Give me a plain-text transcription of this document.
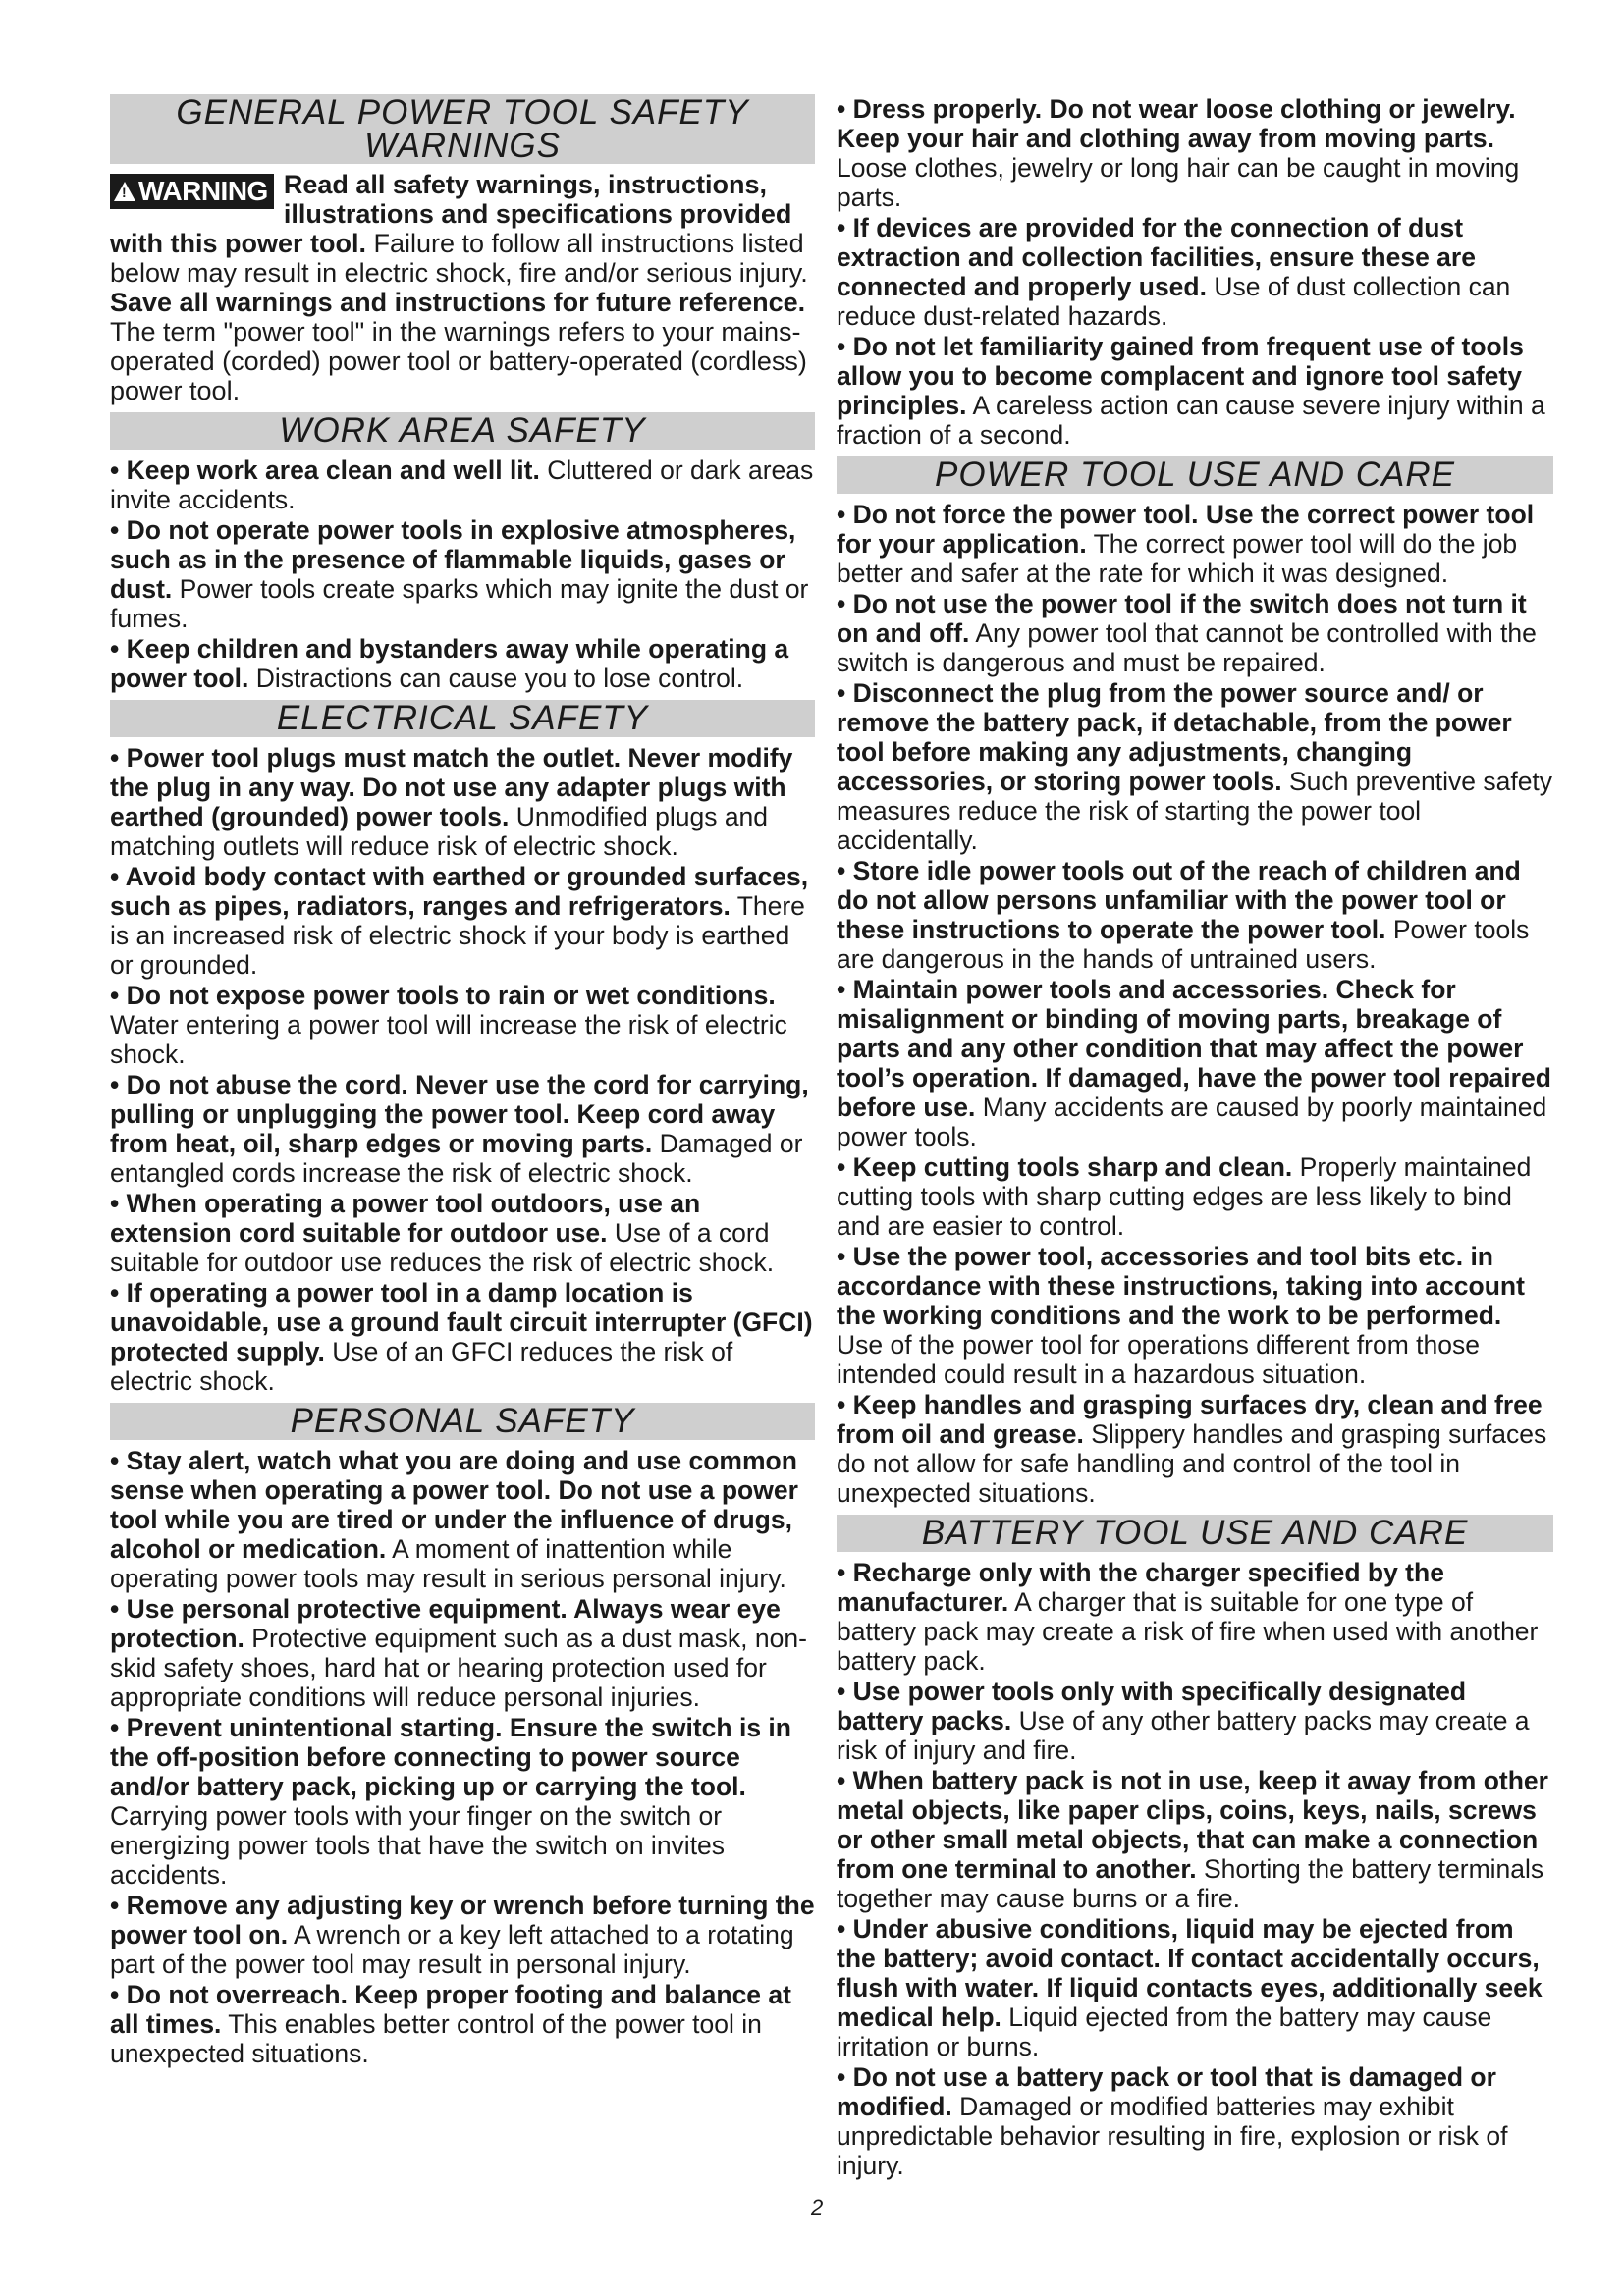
GENERAL POWER TOOL SAFETY WARNINGS

! WARNING Read all safety warnings, instructions, illustrations and specifications provided with this power tool. Failure to follow all instructions listed below may result in electric shock, fire and/or serious injury. Save all warnings and instructions for future reference. The term "power tool" in the warnings refers to your mains-operated (corded) power tool or battery-operated (cordless) power tool.

WORK AREA SAFETY
• Keep work area clean and well lit. Cluttered or dark areas invite accidents.
• Do not operate power tools in explosive atmospheres, such as in the presence of flammable liquids, gases or dust. Power tools create sparks which may ignite the dust or fumes.
• Keep children and bystanders away while operating a power tool. Distractions can cause you to lose control.
ELECTRICAL SAFETY
• Power tool plugs must match the outlet. Never modify the plug in any way. Do not use any adapter plugs with earthed (grounded) power tools. Unmodified plugs and matching outlets will reduce risk of electric shock.
• Avoid body contact with earthed or grounded surfaces, such as pipes, radiators, ranges and refrigerators. There is an increased risk of electric shock if your body is earthed or grounded.
• Do not expose power tools to rain or wet conditions. Water entering a power tool will increase the risk of electric shock.
• Do not abuse the cord. Never use the cord for carrying, pulling or unplugging the power tool. Keep cord away from heat, oil, sharp edges or moving parts. Damaged or entangled cords increase the risk of electric shock.
• When operating a power tool outdoors, use an extension cord suitable for outdoor use. Use of a cord suitable for outdoor use reduces the risk of electric shock.
• If operating a power tool in a damp location is unavoidable, use a ground fault circuit interrupter (GFCI) protected supply. Use of an GFCI reduces the risk of electric shock.
PERSONAL SAFETY
• Stay alert, watch what you are doing and use common sense when operating a power tool. Do not use a power tool while you are tired or under the influence of drugs, alcohol or medication. A moment of inattention while operating power tools may result in serious personal injury.
• Use personal protective equipment. Always wear eye protection. Protective equipment such as a dust mask, non-skid safety shoes, hard hat or hearing protection used for appropriate conditions will reduce personal injuries.
• Prevent unintentional starting. Ensure the switch is in the off-position before connecting to power source and/or battery pack, picking up or carrying the tool. Carrying power tools with your finger on the switch or energizing power tools that have the switch on invites accidents.
• Remove any adjusting key or wrench before turning the power tool on. A wrench or a key left attached to a rotating part of the power tool may result in personal injury.
• Do not overreach. Keep proper footing and balance at all times. This enables better control of the power tool in unexpected situations.
• Dress properly. Do not wear loose clothing or jewelry. Keep your hair and clothing away from moving parts. Loose clothes, jewelry or long hair can be caught in moving parts.
• If devices are provided for the connection of dust extraction and collection facilities, ensure these are connected and properly used. Use of dust collection can reduce dust-related hazards.
• Do not let familiarity gained from frequent use of tools allow you to become complacent and ignore tool safety principles. A careless action can cause severe injury within a fraction of a second.
POWER TOOL USE AND CARE
• Do not force the power tool. Use the correct power tool for your application. The correct power tool will do the job better and safer at the rate for which it was designed.
• Do not use the power tool if the switch does not turn it on and off. Any power tool that cannot be controlled with the switch is dangerous and must be repaired.
• Disconnect the plug from the power source and/ or remove the battery pack, if detachable, from the power tool before making any adjustments, changing accessories, or storing power tools. Such preventive safety measures reduce the risk of starting the power tool accidentally.
• Store idle power tools out of the reach of children and do not allow persons unfamiliar with the power tool or these instructions to operate the power tool. Power tools are dangerous in the hands of untrained users.
• Maintain power tools and accessories. Check for misalignment or binding of moving parts, breakage of parts and any other condition that may affect the power tool’s operation. If damaged, have the power tool repaired before use. Many accidents are caused by poorly maintained power tools.
• Keep cutting tools sharp and clean. Properly maintained cutting tools with sharp cutting edges are less likely to bind and are easier to control.
• Use the power tool, accessories and tool bits etc. in accordance with these instructions, taking into account the working conditions and the work to be performed. Use of the power tool for operations different from those intended could result in a hazardous situation.
• Keep handles and grasping surfaces dry, clean and free from oil and grease. Slippery handles and grasping surfaces do not allow for safe handling and control of the tool in unexpected situations.
BATTERY TOOL USE AND CARE
• Recharge only with the charger specified by the manufacturer. A charger that is suitable for one type of battery pack may create a risk of fire when used with another battery pack.
• Use power tools only with specifically designated battery packs. Use of any other battery packs may create a risk of injury and fire.
• When battery pack is not in use, keep it away from other metal objects, like paper clips, coins, keys, nails, screws or other small metal objects, that can make a connection from one terminal to another. Shorting the battery terminals together may cause burns or a fire.
• Under abusive conditions, liquid may be ejected from the battery; avoid contact. If contact accidentally occurs, flush with water. If liquid contacts eyes, additionally seek medical help. Liquid ejected from the battery may cause irritation or burns.
• Do not use a battery pack or tool that is damaged or modified. Damaged or modified batteries may exhibit unpredictable behavior resulting in fire, explosion or risk of injury.
2
